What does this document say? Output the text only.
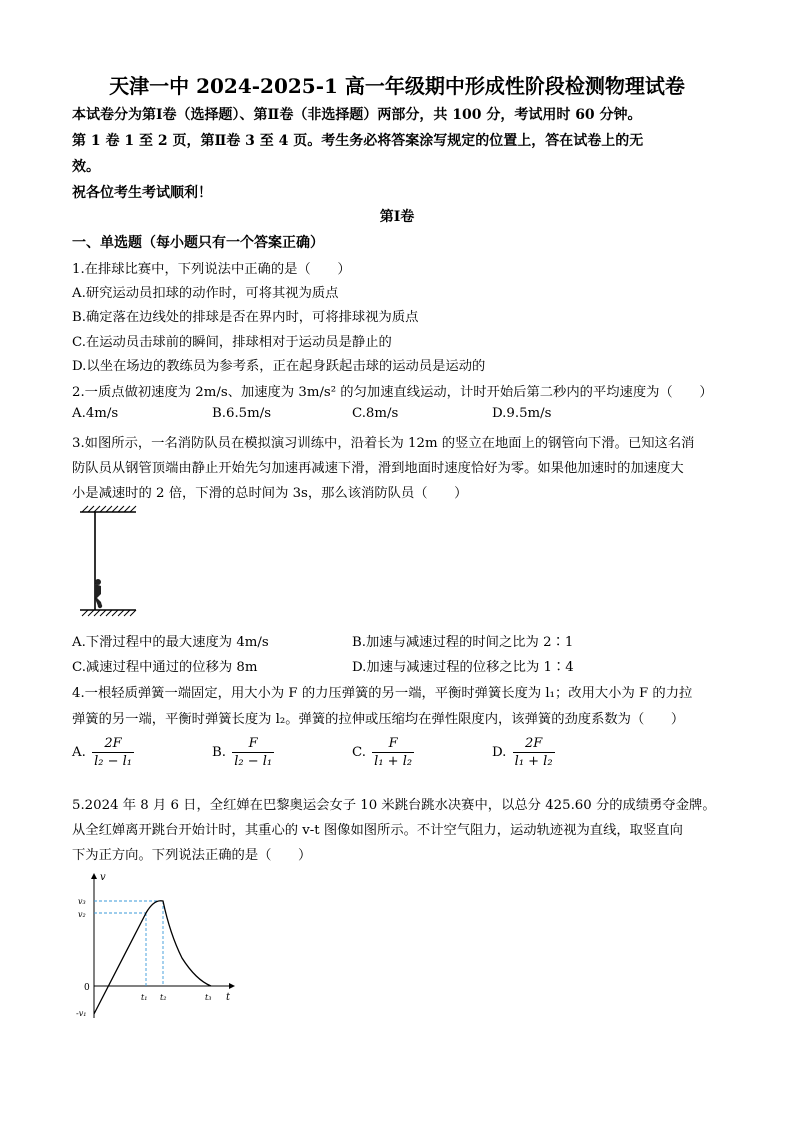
天津一中 2024-2025-1 高一年级期中形成性阶段检测物理试卷
本试卷分为第Ⅰ卷（选择题）、第Ⅱ卷（非选择题）两部分，共 100 分，考试用时 60 分钟。
第 1 卷 1 至 2 页，第Ⅱ卷 3 至 4 页。考生务必将答案涂写规定的位置上，答在试卷上的无
效。
祝各位考生考试顺利！
第Ⅰ卷
一、单选题（每小题只有一个答案正确）
1.在排球比赛中，下列说法中正确的是（　　）
A.研究运动员扣球的动作时，可将其视为质点
B.确定落在边线处的排球是否在界内时，可将排球视为质点
C.在运动员击球前的瞬间，排球相对于运动员是静止的
D.以坐在场边的教练员为参考系，正在起身跃起击球的运动员是运动的
2.一质点做初速度为 2m/s、加速度为 3m/s² 的匀加速直线运动，计时开始后第二秒内的平均速度为（　　）
A.4m/s	B.6.5m/s	C.8m/s	D.9.5m/s
3.如图所示，一名消防队员在模拟演习训练中，沿着长为 12m 的竖立在地面上的钢管向下滑。已知这名消
防队员从钢管顶端由静止开始先匀加速再减速下滑，滑到地面时速度恰好为零。如果他加速时的加速度大
小是减速时的 2 倍，下滑的总时间为 3s，那么该消防队员（　　）
A.下滑过程中的最大速度为 4m/s	B.加速与减速过程的时间之比为 2∶1
C.减速过程中通过的位移为 8m	D.加速与减速过程的位移之比为 1∶4
4.一根轻质弹簧一端固定，用大小为 F 的力压弹簧的另一端，平衡时弹簧长度为 l₁；改用大小为 F 的力拉
弹簧的另一端，平衡时弹簧长度为 l₂。弹簧的拉伸或压缩均在弹性限度内，该弹簧的劲度系数为（　　）
A. $\frac{2F}{\text{l₂ − l₁}}$	B. $\frac{F}{\text{l₂ − l₁}}$	C. $\frac{F}{\text{l₁ + l₂}}$	D. $\frac{2F}{\text{l₁ + l₂}}$
5.2024 年 8 月 6 日，全红婵在巴黎奥运会女子 10 米跳台跳水决赛中，以总分 425.60 分的成绩勇夺金牌。
从全红婵离开跳台开始计时，其重心的 v-t 图像如图所示。不计空气阻力，运动轨迹视为直线，取竖直向
下为正方向。下列说法正确的是（　　）
v
t
v₃
v₂
0
-v₁
t₁ t₂	t₃
